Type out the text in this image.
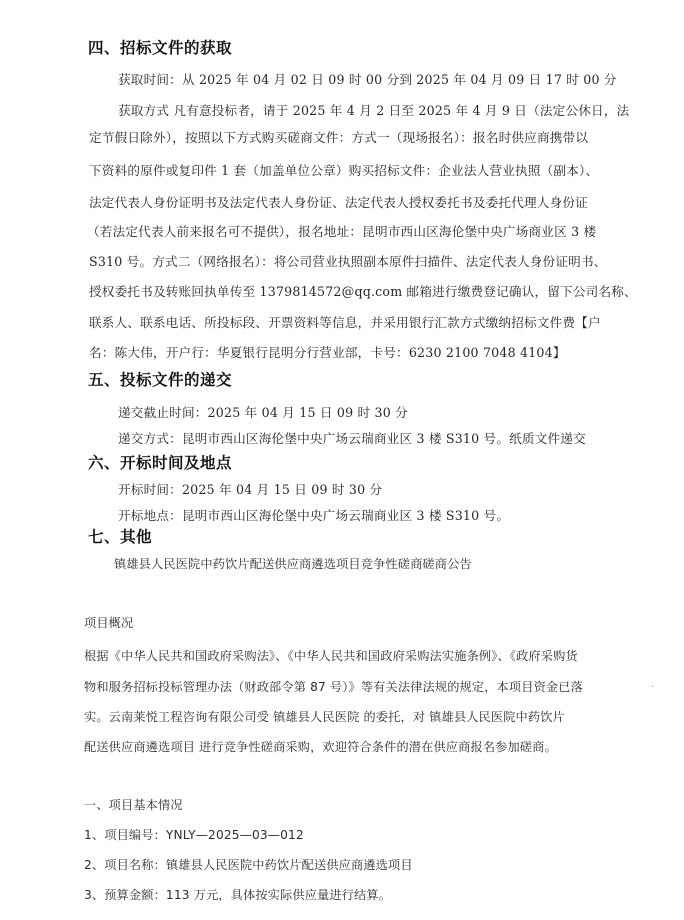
四、招标文件的获取
获取时间：从 2025 年 04 月 02 日 09 时 00 分到 2025 年 04 月 09 日 17 时 00 分
获取方式 凡有意投标者，请于 2025 年 4 月 2 日至 2025 年 4 月 9 日（法定公休日，法
定节假日除外），按照以下方式购买磋商文件：方式一（现场报名）：报名时供应商携带以
下资料的原件或复印件 1 套（加盖单位公章）购买招标文件：企业法人营业执照（副本）、
法定代表人身份证明书及法定代表人身份证、法定代表人授权委托书及委托代理人身份证
（若法定代表人前来报名可不提供），报名地址：昆明市西山区海伦堡中央广场商业区 3 楼
S310 号。方式二（网络报名）：将公司营业执照副本原件扫描件、法定代表人身份证明书、
授权委托书及转账回执单传至 1379814572@qq.com 邮箱进行缴费登记确认，留下公司名称、
联系人、联系电话、所投标段、开票资料等信息，并采用银行汇款方式缴纳招标文件费【户
名：陈大伟，开户行：华夏银行昆明分行营业部，卡号：6230 2100 7048 4104】
五、投标文件的递交
递交截止时间：2025 年 04 月 15 日 09 时 30 分
递交方式：昆明市西山区海伦堡中央广场云瑞商业区 3 楼 S310 号。纸质文件递交
六、开标时间及地点
开标时间：2025 年 04 月 15 日 09 时 30 分
开标地点：昆明市西山区海伦堡中央广场云瑞商业区 3 楼 S310 号。
七、其他
镇雄县人民医院中药饮片配送供应商遴选项目竞争性磋商磋商公告
项目概况
根据《中华人民共和国政府采购法》、《中华人民共和国政府采购法实施条例》、《政府采购货
物和服务招标投标管理办法（财政部令第 87 号）》等有关法律法规的规定，本项目资金已落
实。云南莱悦工程咨询有限公司受 镇雄县人民医院 的委托，对 镇雄县人民医院中药饮片
配送供应商遴选项目 进行竞争性磋商采购，欢迎符合条件的潜在供应商报名参加磋商。
·
一、项目基本情况
1、项目编号：YNLY—2025—03—012
2、项目名称：镇雄县人民医院中药饮片配送供应商遴选项目
3、预算金额：113 万元，具体按实际供应量进行结算。
